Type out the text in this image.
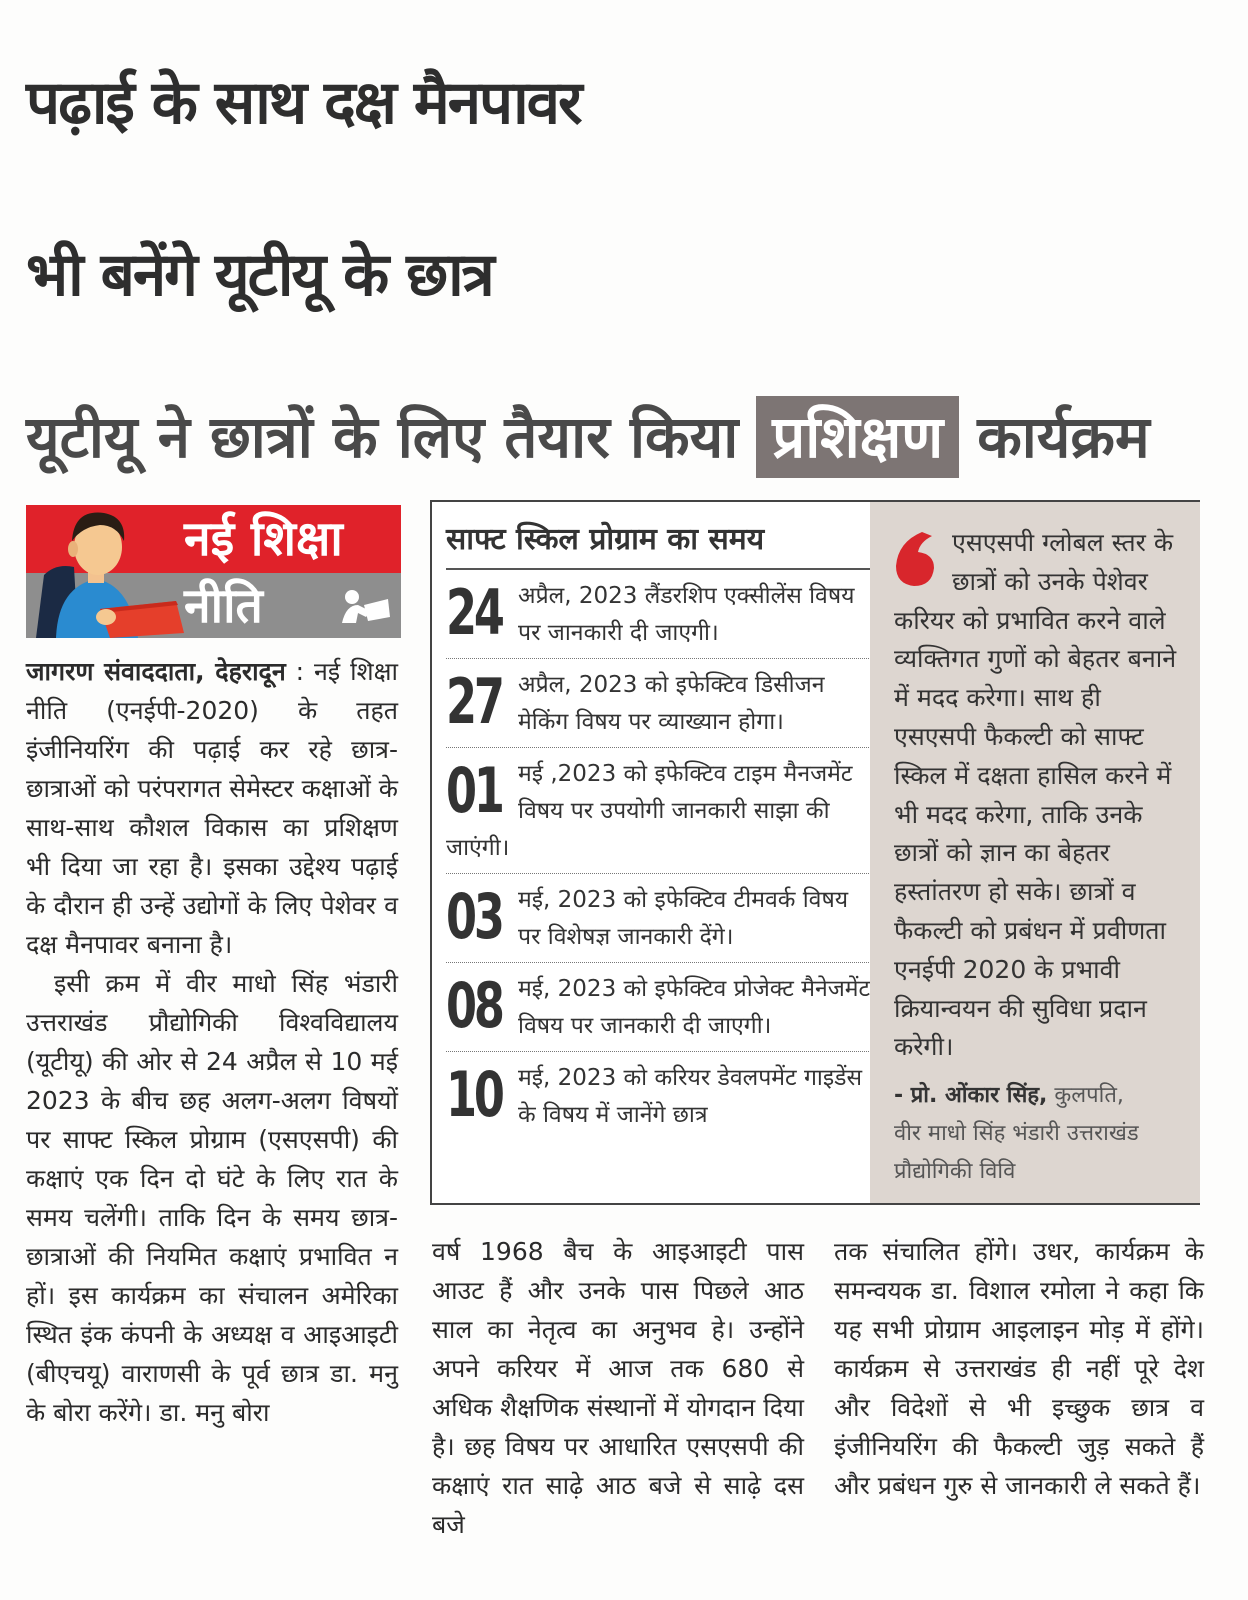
पढ़ाई के साथ दक्ष मैनपावर
भी बनेंगे यूटीयू के छात्र
यूटीयू ने छात्रों के लिए तैयार किया प्रशिक्षण कार्यक्रम
नई शिक्षा
नीति

जागरण संवाददाता, देहरादून : नई शिक्षा नीति (एनईपी-2020) के तहत इंजीनियरिंग की पढ़ाई कर रहे छात्र-छात्राओं को परंपरागत सेमेस्टर कक्षाओं के साथ-साथ कौशल विकास का प्रशिक्षण भी दिया जा रहा है। इसका उद्देश्य पढ़ाई के दौरान ही उन्हें उद्योगों के लिए पेशेवर व दक्ष मैनपावर बनाना है।

इसी क्रम में वीर माधो सिंह भंडारी उत्तराखंड प्रौद्योगिकी विश्वविद्यालय (यूटीयू) की ओर से 24 अप्रैल से 10 मई 2023 के बीच छह अलग-अलग विषयों पर साफ्ट स्किल प्रोग्राम (एसएसपी) की कक्षाएं एक दिन दो घंटे के लिए रात के समय चलेंगी। ताकि दिन के समय छात्र-छात्राओं की नियमित कक्षाएं प्रभावित न हों। इस कार्यक्रम का संचालन अमेरिका स्थित इंक कंपनी के अध्यक्ष व आइआइटी (बीएचयू) वाराणसी के पूर्व छात्र डा. मनु के बोरा करेंगे। डा. मनु बोरा

साफ्ट स्किल प्रोग्राम का समय
24 अप्रैल, 2023 लैंडरशिप एक्सीलेंस विषय पर जानकारी दी जाएगी।
27 अप्रैल, 2023 को इफेक्टिव डिसीजन मेकिंग विषय पर व्याख्यान होगा।
01 मई ,2023 को इफेक्टिव टाइम मैनजमेंट विषय पर उपयोगी जानकारी साझा की जाएंगी।
03 मई, 2023 को इफेक्टिव टीमवर्क विषय पर विशेषज्ञ जानकारी देंगे।
08 मई, 2023 को इफेक्टिव प्रोजेक्ट मैनेजमेंट विषय पर जानकारी दी जाएगी।
10 मई, 2023 को करियर डेवलपमेंट गाइडेंस के विषय में जानेंगे छात्र
एसएसपी ग्लोबल स्तर के छात्रों को उनके पेशेवर करियर को प्रभावित करने वाले व्यक्तिगत गुणों को बेहतर बनाने में मदद करेगा। साथ ही एसएसपी फैकल्टी को साफ्ट स्किल में दक्षता हासिल करने में भी मदद करेगा, ताकि उनके छात्रों को ज्ञान का बेहतर हस्तांतरण हो सके। छात्रों व फैकल्टी को प्रबंधन में प्रवीणता एनईपी 2020 के प्रभावी क्रियान्वयन की सुविधा प्रदान करेगी।
- प्रो. ओंकार सिंह, कुलपति,
वीर माधो सिंह भंडारी उत्तराखंड प्रौद्योगिकी विवि

वर्ष 1968 बैच के आइआइटी पास आउट हैं और उनके पास पिछले आठ साल का नेतृत्व का अनुभव हे। उन्होंने अपने करियर में आज तक 680 से अधिक शैक्षणिक संस्थानों में योगदान दिया है। छह विषय पर आधारित एसएसपी की कक्षाएं रात साढ़े आठ बजे से साढ़े दस बजे

तक संचालित होंगे। उधर, कार्यक्रम के समन्वयक डा. विशाल रमोला ने कहा कि यह सभी प्रोग्राम आइलाइन मोड़ में होंगे। कार्यक्रम से उत्तराखंड ही नहीं पूरे देश और विदेशों से भी इच्छुक छात्र व इंजीनियरिंग की फैकल्टी जुड़ सकते हैं और प्रबंधन गुरु से जानकारी ले सकते हैं।
